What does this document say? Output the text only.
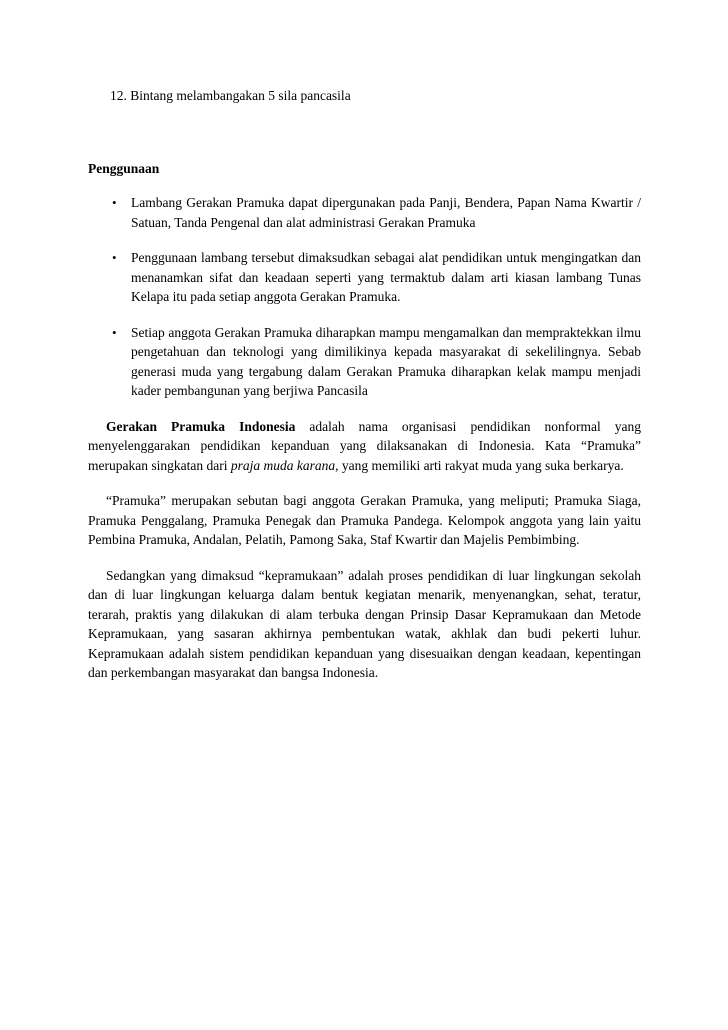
12. Bintang melambangakan 5 sila pancasila

Penggunaan
• Lambang Gerakan Pramuka dapat dipergunakan pada Panji, Bendera, Papan Nama Kwartir / Satuan, Tanda Pengenal dan alat administrasi Gerakan Pramuka
• Penggunaan lambang tersebut dimaksudkan sebagai alat pendidikan untuk mengingatkan dan menanamkan sifat dan keadaan seperti yang termaktub dalam arti kiasan lambang Tunas Kelapa itu pada setiap anggota Gerakan Pramuka.
• Setiap anggota Gerakan Pramuka diharapkan mampu mengamalkan dan mempraktekkan ilmu pengetahuan dan teknologi yang dimilikinya kepada masyarakat di sekelilingnya. Sebab generasi muda yang tergabung dalam Gerakan Pramuka diharapkan kelak mampu menjadi kader pembangunan yang berjiwa Pancasila

Gerakan Pramuka Indonesia adalah nama organisasi pendidikan nonformal yang menyelenggarakan pendidikan kepanduan yang dilaksanakan di Indonesia. Kata “Pramuka” merupakan singkatan dari praja muda karana, yang memiliki arti rakyat muda yang suka berkarya.

“Pramuka” merupakan sebutan bagi anggota Gerakan Pramuka, yang meliputi; Pramuka Siaga, Pramuka Penggalang, Pramuka Penegak dan Pramuka Pandega. Kelompok anggota yang lain yaitu Pembina Pramuka, Andalan, Pelatih, Pamong Saka, Staf Kwartir dan Majelis Pembimbing.

Sedangkan yang dimaksud “kepramukaan” adalah proses pendidikan di luar lingkungan sekolah dan di luar lingkungan keluarga dalam bentuk kegiatan menarik, menyenangkan, sehat, teratur, terarah, praktis yang dilakukan di alam terbuka dengan Prinsip Dasar Kepramukaan dan Metode Kepramukaan, yang sasaran akhirnya pembentukan watak, akhlak dan budi pekerti luhur. Kepramukaan adalah sistem pendidikan kepanduan yang disesuaikan dengan keadaan, kepentingan dan perkembangan masyarakat dan bangsa Indonesia.
